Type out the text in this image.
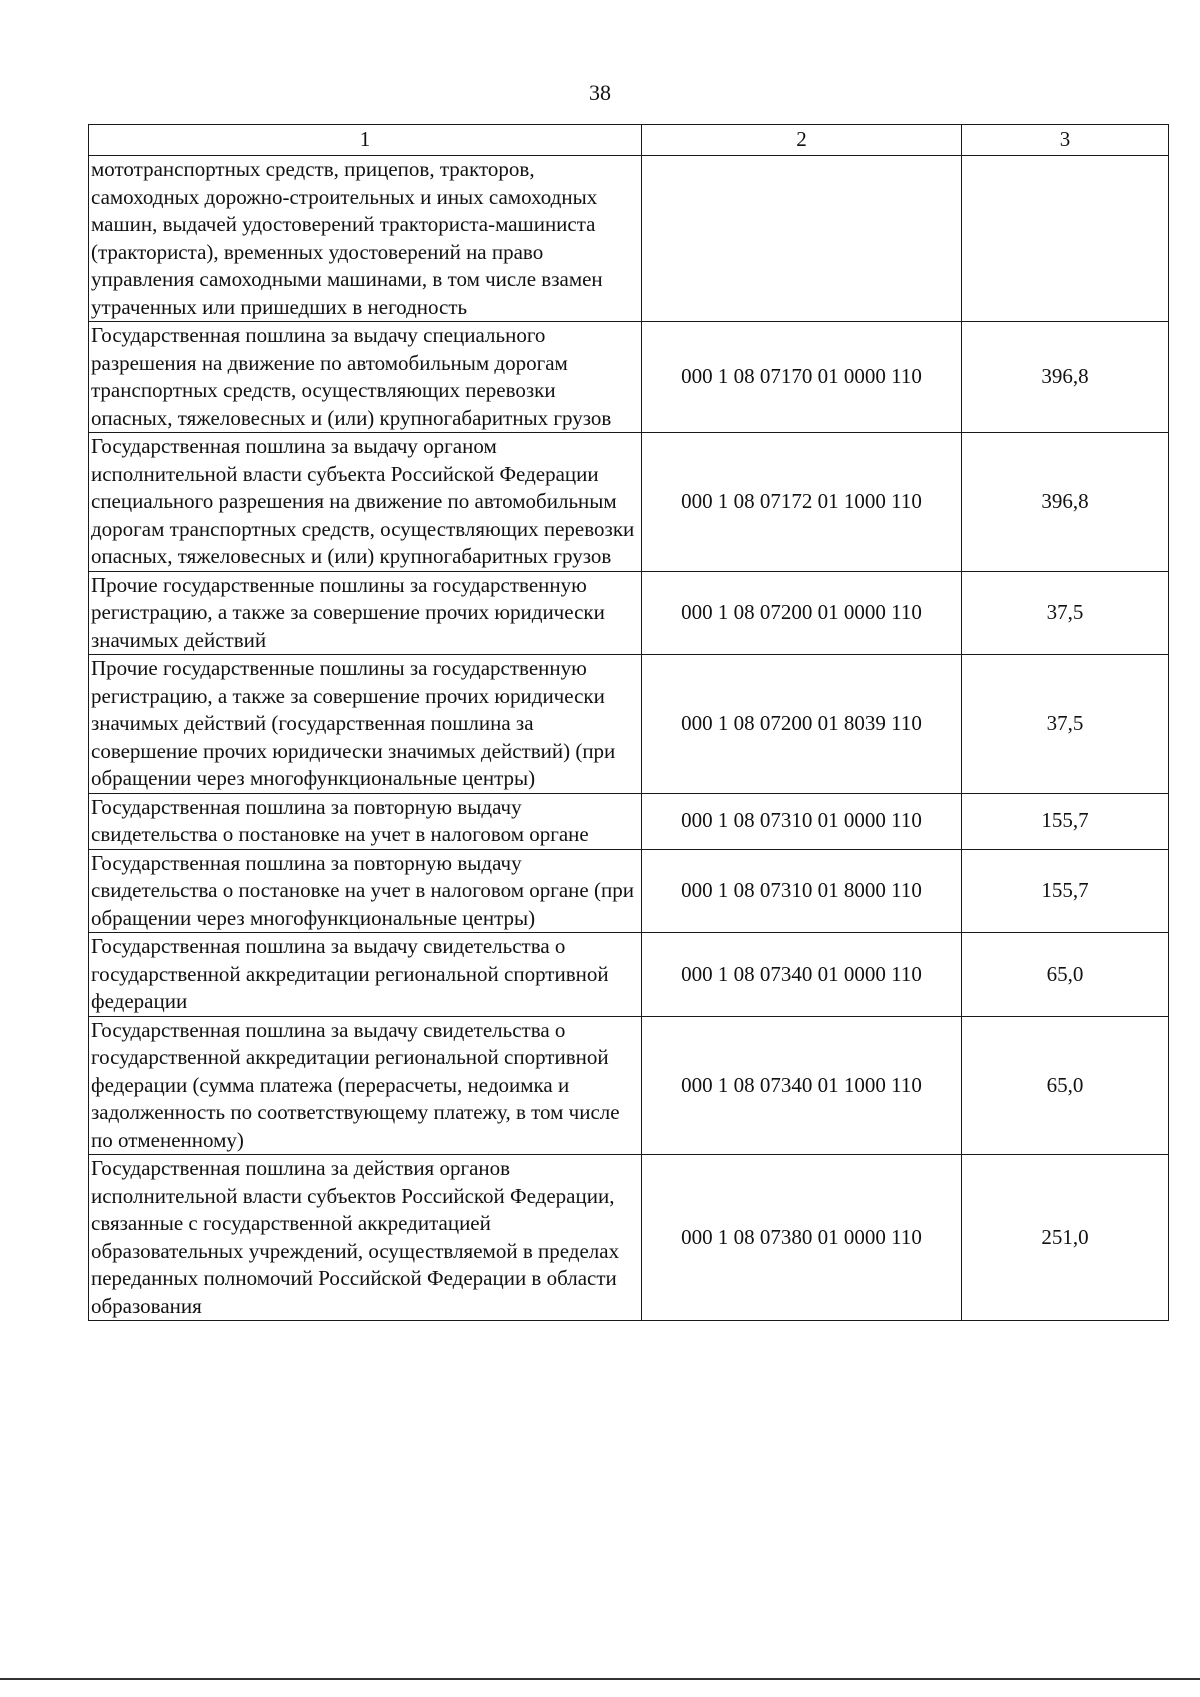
38
1	2	3
мототранспортных средств, прицепов, тракторов, самоходных дорожно-строительных и иных самоходных машин, выдачей удостоверений тракториста-машиниста (тракториста), временных удостоверений на право управления самоходными машинами, в том числе взамен утраченных или пришедших в негодность		
Государственная пошлина за выдачу специального разрешения на движение по автомобильным дорогам транспортных средств, осуществляющих перевозки опасных, тяжеловесных и (или) крупногабаритных грузов	000 1 08 07170 01 0000 110	396,8
Государственная пошлина за выдачу органом исполнительной власти субъекта Российской Федерации специального разрешения на движение по автомобильным дорогам транспортных средств, осуществляющих перевозки опасных, тяжеловесных и (или) крупногабаритных грузов	000 1 08 07172 01 1000 110	396,8
Прочие государственные пошлины за государственную регистрацию, а также за совершение прочих юридически значимых действий	000 1 08 07200 01 0000 110	37,5
Прочие государственные пошлины за государственную регистрацию, а также за совершение прочих юридически значимых действий (государственная пошлина за совершение прочих юридически значимых действий) (при обращении через многофункциональные центры)	000 1 08 07200 01 8039 110	37,5
Государственная пошлина за повторную выдачу свидетельства о постановке на учет в налоговом органе	000 1 08 07310 01 0000 110	155,7
Государственная пошлина за повторную выдачу свидетельства о постановке на учет в налоговом органе (при обращении через многофункциональные центры)	000 1 08 07310 01 8000 110	155,7
Государственная пошлина за выдачу свидетельства о государственной аккредитации региональной спортивной федерации	000 1 08 07340 01 0000 110	65,0
Государственная пошлина за выдачу свидетельства о государственной аккредитации региональной спортивной федерации (сумма платежа (перерасчеты, недоимка и задолженность по соответствующему платежу, в том числе по отмененному)	000 1 08 07340 01 1000 110	65,0
Государственная пошлина за действия органов исполнительной власти субъектов Российской Федерации, связанные с государственной аккредитацией образовательных учреждений, осуществляемой в пределах переданных полномочий Российской Федерации в области образования	000 1 08 07380 01 0000 110	251,0
